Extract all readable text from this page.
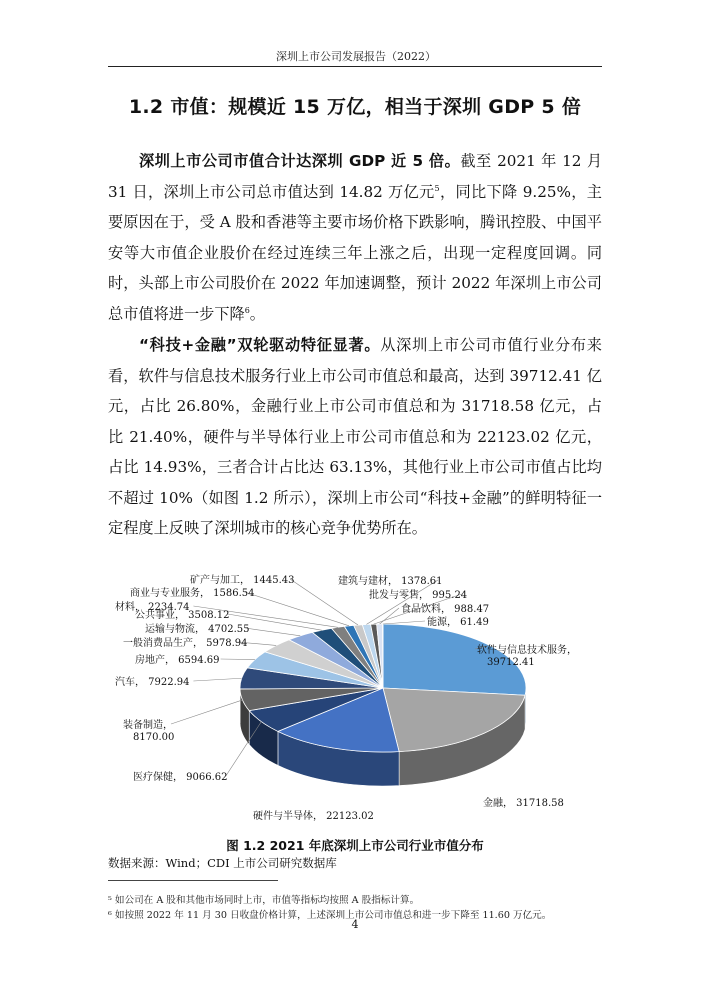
深圳上市公司发展报告（2022）
1.2 市值：规模近 15 万亿，相当于深圳 GDP 5 倍

深圳上市公司市值合计达深圳 GDP 近 5 倍。截至 2021 年 12 月 31 日，深圳上市公司总市值达到 14.82 万亿元$^5$，同比下降 9.25%，主要原因在于，受 A 股和香港等主要市场价格下跌影响，腾讯控股、中国平安等大市值企业股价在经过连续三年上涨之后，出现一定程度回调。同时，头部上市公司股价在 2022 年加速调整，预计 2022 年深圳上市公司总市值将进一步下降$^6$。

“科技+金融”双轮驱动特征显著。从深圳上市公司市值行业分布来看，软件与信息技术服务行业上市公司市值总和最高，达到 39712.41 亿元，占比 26.80%，金融行业上市公司市值总和为 31718.58 亿元，占比 21.40%，硬件与半导体行业上市公司市值总和为 22123.02 亿元，占比 14.93%，三者合计占比达 63.13%，其他行业上市公司市值占比均不超过 10%（如图 1.2 所示），深圳上市公司“科技+金融”的鲜明特征一定程度上反映了深圳城市的核心竞争优势所在。

软件与信息技术服务，
39712.41
金融， 31718.58
硬件与半导体， 22123.02
医疗保健， 9066.62
装备制造，
8170.00
汽车， 7922.94
房地产， 6594.69
一般消费品生产， 5978.94
运输与物流， 4702.55
公共事业， 3508.12
材料， 2234.74
商业与专业服务， 1586.54
矿产与加工， 1445.43	建筑与建材， 1378.61
批发与零售， 995.24
食品饮料， 988.47
能源， 61.49
图 1.2 2021 年底深圳上市公司行业市值分布
数据来源：Wind；CDI 上市公司研究数据库
⁵ 如公司在 A 股和其他市场同时上市，市值等指标均按照 A 股指标计算。
⁶ 如按照 2022 年 11 月 30 日收盘价格计算，上述深圳上市公司市值总和进一步下降至 11.60 万亿元。
4
